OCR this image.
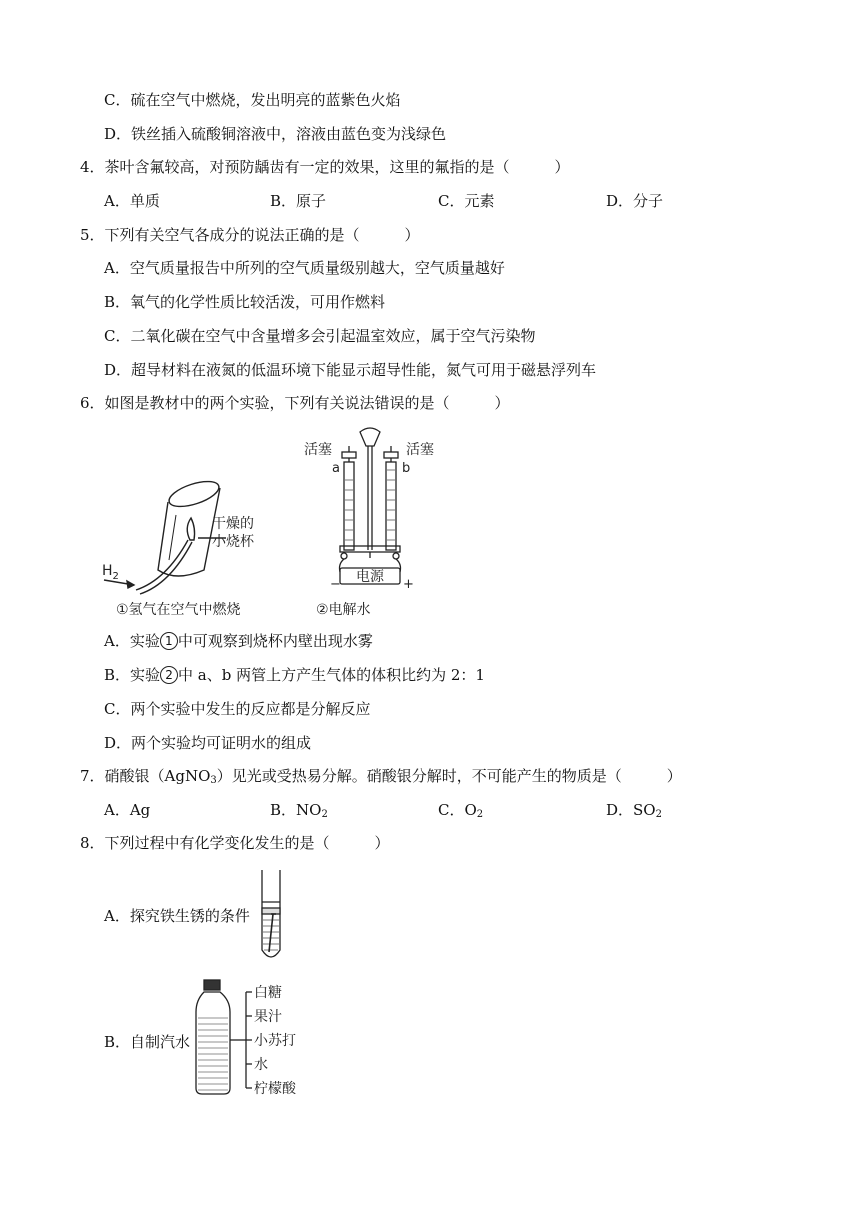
C．硫在空气中燃烧，发出明亮的蓝紫色火焰
D．铁丝插入硫酸铜溶液中，溶液由蓝色变为浅绿色
4．茶叶含氟较高，对预防龋齿有一定的效果，这里的氟指的是（　　　）
A．单质	B．原子	C．元素	D．分子
5．下列有关空气各成分的说法正确的是（　　　）
A．空气质量报告中所列的空气质量级别越大，空气质量越好
B．氧气的化学性质比较活泼，可用作燃料
C．二氧化碳在空气中含量增多会引起温室效应，属于空气污染物
D．超导材料在液氮的低温环境下能显示超导性能，氮气可用于磁悬浮列车
6．如图是教材中的两个实验，下列有关说法错误的是（　　　）
干燥的
小烧杯
$H_2$
①氢气在空气中燃烧
活塞	活塞
a	b
电源
−	+
②电解水
A．实验 1 中可观察到烧杯内壁出现水雾
B．实验 2 中 a、b 两管上方产生气体的体积比约为 2：1
C．两个实验中发生的反应都是分解反应
D．两个实验均可证明水的组成
7．硝酸银（AgNO$_3$）见光或受热易分解。硝酸银分解时，不可能产生的物质是（　　　）
A．Ag	B．$NO_2$	C．$O_2$	D．$SO_2$
8．下列过程中有化学变化发生的是（　　　）
A．探究铁生锈的条件
B．自制汽水
白糖
果汁
小苏打
水
柠檬酸
